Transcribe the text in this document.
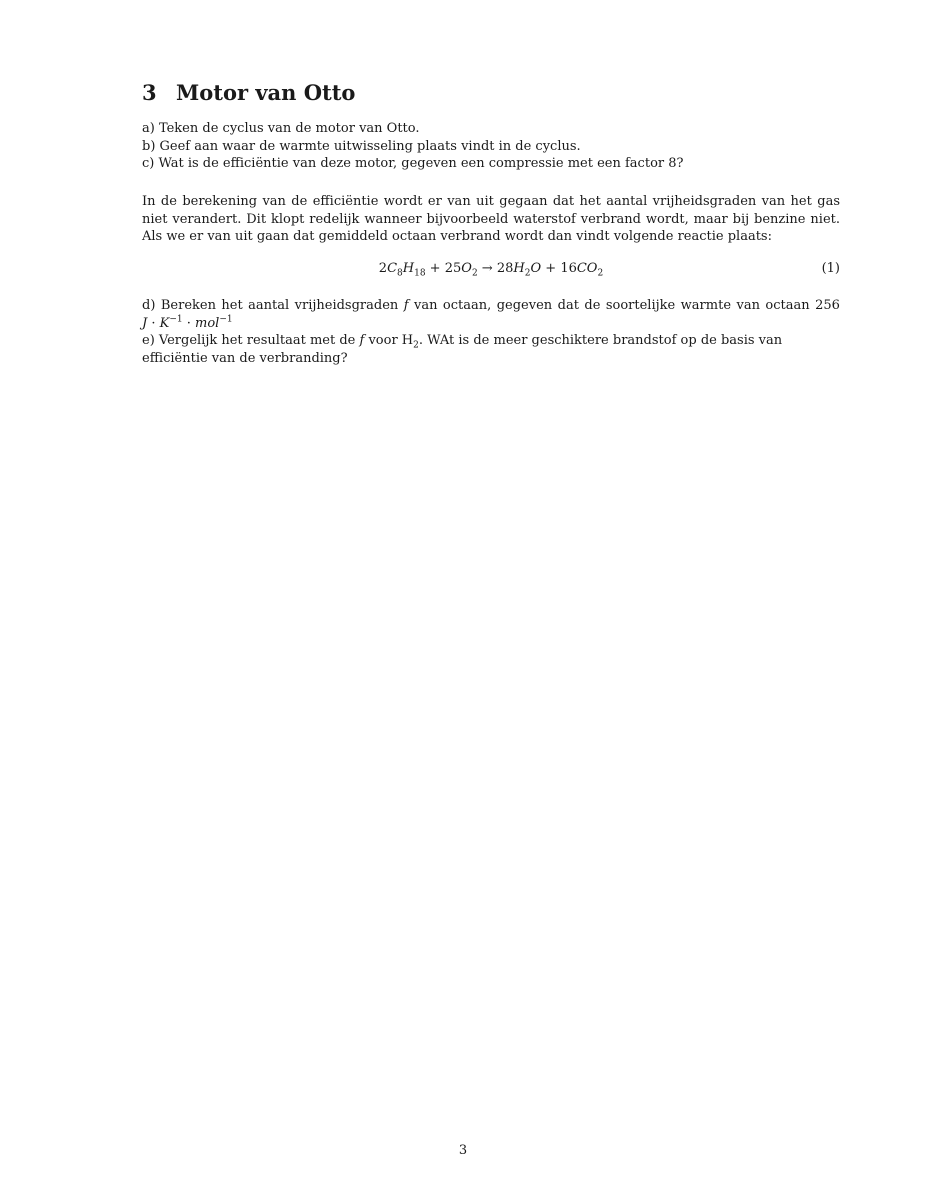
3 Motor van Otto
a) Teken de cyclus van de motor van Otto.
b) Geef aan waar de warmte uitwisseling plaats vindt in de cyclus.
c) Wat is de efficiëntie van deze motor, gegeven een compressie met een factor 8?
In de berekening van de efficiëntie wordt er van uit gegaan dat het aantal vrijheidsgraden van het gas niet verandert. Dit klopt redelijk wanneer bijvoorbeeld waterstof verbrand wordt, maar bij benzine niet. Als we er van uit gaan dat gemiddeld octaan verbrand wordt dan vindt volgende reactie plaats:
$2C_8H_{18} + 25O_2 \to 28H_2O + 16CO_2$	(1)
d) Bereken het aantal vrijheidsgraden f van octaan, gegeven dat de soortelijke warmte van octaan 256
$J \cdot K^{-1} \cdot mol^{-1}$
e) Vergelijk het resultaat met de f voor $H_2$. WAt is de meer geschiktere brandstof op de basis van efficiëntie van de verbranding?
3
